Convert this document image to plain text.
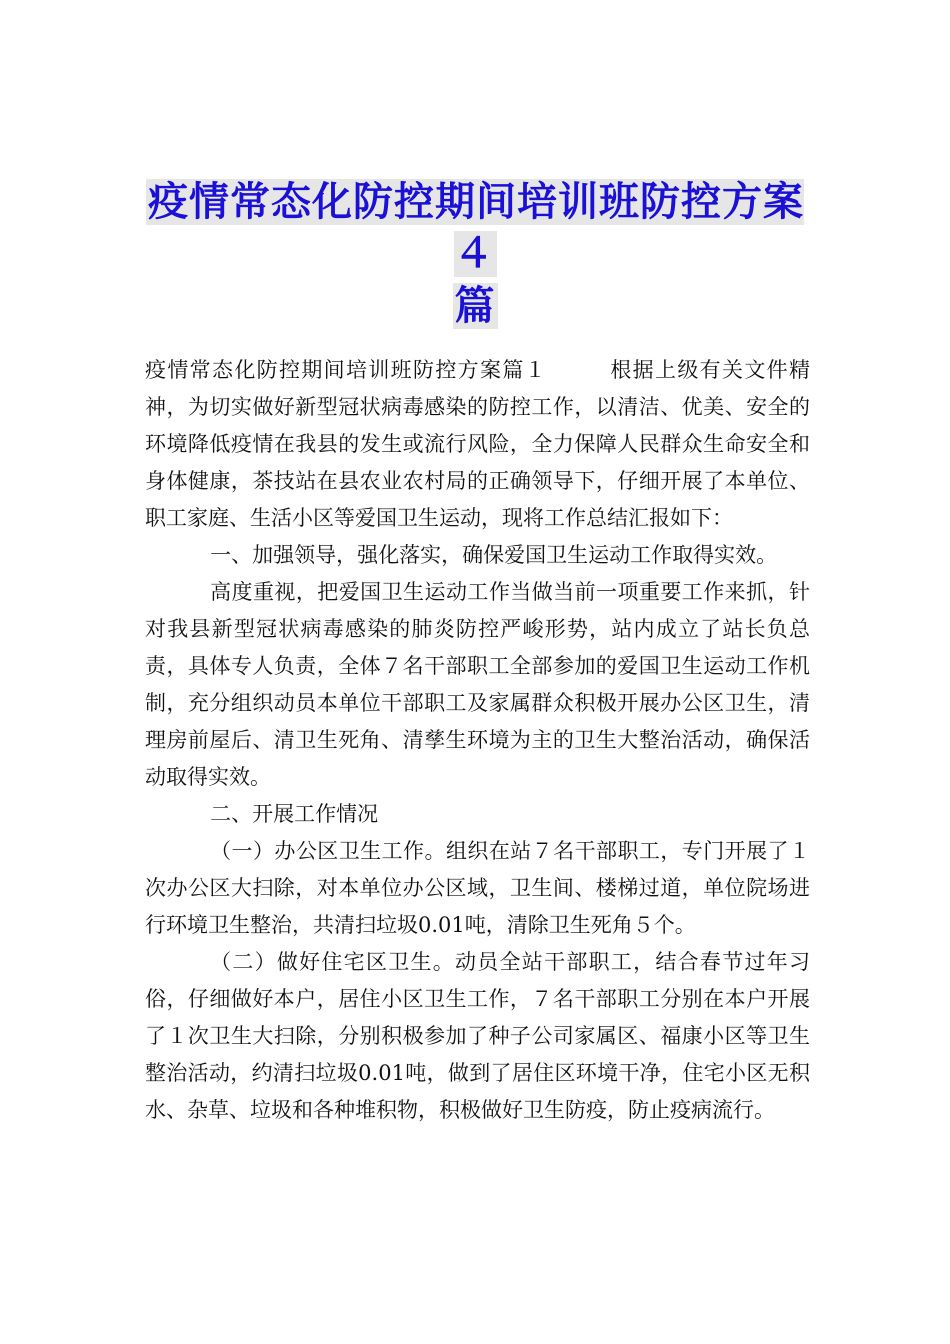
疫情常态化防控期间培训班防控方案４
篇

疫情常态化防控期间培训班防控方案篇１	根据上级有关文件精神，为切实做好新型冠状病毒感染的防控工作，以清洁、优美、安全的环境降低疫情在我县的发生或流行风险，全力保障人民群众生命安全和身体健康，茶技站在县农业农村局的正确领导下，仔细开展了本单位、职工家庭、生活小区等爱国卫生运动，现将工作总结汇报如下：

一、加强领导，强化落实，确保爱国卫生运动工作取得实效。

高度重视，把爱国卫生运动工作当做当前一项重要工作来抓，针对我县新型冠状病毒感染的肺炎防控严峻形势，站内成立了站长负总责，具体专人负责，全体７名干部职工全部参加的爱国卫生运动工作机制，充分组织动员本单位干部职工及家属群众积极开展办公区卫生，清理房前屋后、清卫生死角、清孳生环境为主的卫生大整治活动，确保活动取得实效。

二、开展工作情况

（一）办公区卫生工作。组织在站７名干部职工，专门开展了１次办公区大扫除，对本单位办公区域，卫生间、楼梯过道，单位院场进行环境卫生整治，共清扫垃圾0.01吨，清除卫生死角５个。

（二）做好住宅区卫生。动员全站干部职工，结合春节过年习俗，仔细做好本户，居住小区卫生工作，７名干部职工分别在本户开展了１次卫生大扫除，分别积极参加了种子公司家属区、福康小区等卫生整治活动，约清扫垃圾0.01吨，做到了居住区环境干净，住宅小区无积水、杂草、垃圾和各种堆积物，积极做好卫生防疫，防止疫病流行。
